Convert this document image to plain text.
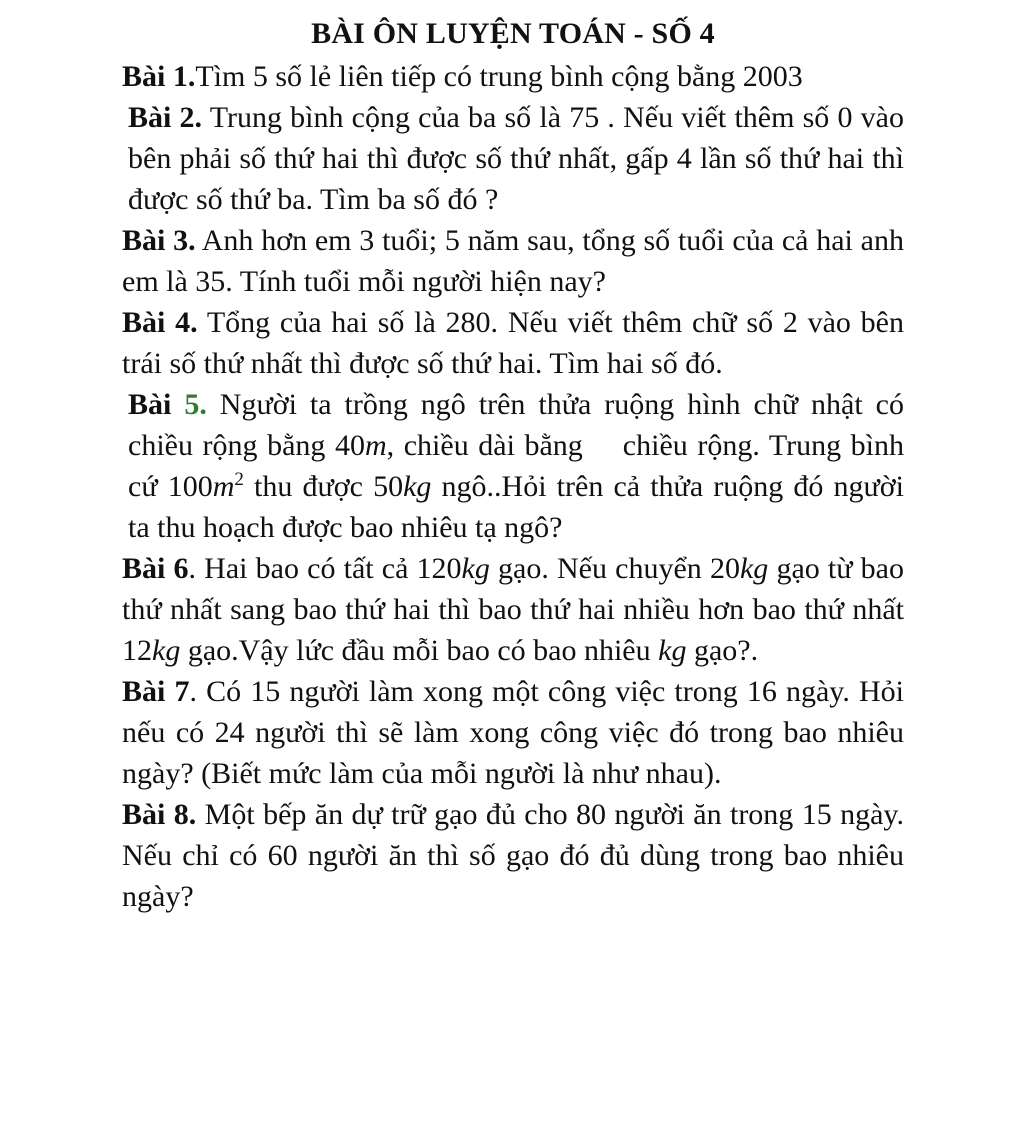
BÀI ÔN LUYỆN TOÁN - SỐ 4

Bài 1.Tìm 5 số lẻ liên tiếp có trung bình cộng bằng 2003

Bài 2. Trung bình cộng của ba số là 75 . Nếu viết thêm số 0 vào bên phải số thứ hai thì được số thứ nhất, gấp 4 lần số thứ hai thì được số thứ ba. Tìm ba số đó ?

Bài 3. Anh hơn em 3 tuổi; 5 năm sau, tổng số tuổi của cả hai anh em là 35. Tính tuổi mỗi người hiện nay?

Bài 4. Tổng của hai số là 280. Nếu viết thêm chữ số 2 vào bên trái số thứ nhất thì được số thứ hai. Tìm hai số đó.

Bài 5. Người ta trồng ngô trên thửa ruộng hình chữ nhật có chiều rộng bằng 40m, chiều dài bằng chiều rộng. Trung bình cứ $100m^2$ thu được 50kg ngô..Hỏi trên cả thửa ruộng đó người ta thu hoạch được bao nhiêu tạ ngô?

Bài 6. Hai bao có tất cả 120kg gạo. Nếu chuyển 20kg gạo từ bao thứ nhất sang bao thứ hai thì bao thứ hai nhiều hơn bao thứ nhất 12kg gạo.Vậy lức đầu mỗi bao có bao nhiêu kg gạo?.

Bài 7. Có 15 người làm xong một công việc trong 16 ngày. Hỏi nếu có 24 người thì sẽ làm xong công việc đó trong bao nhiêu ngày? (Biết mức làm của mỗi người là như nhau).

Bài 8. Một bếp ăn dự trữ gạo đủ cho 80 người ăn trong 15 ngày. Nếu chỉ có 60 người ăn thì số gạo đó đủ dùng trong bao nhiêu ngày?
